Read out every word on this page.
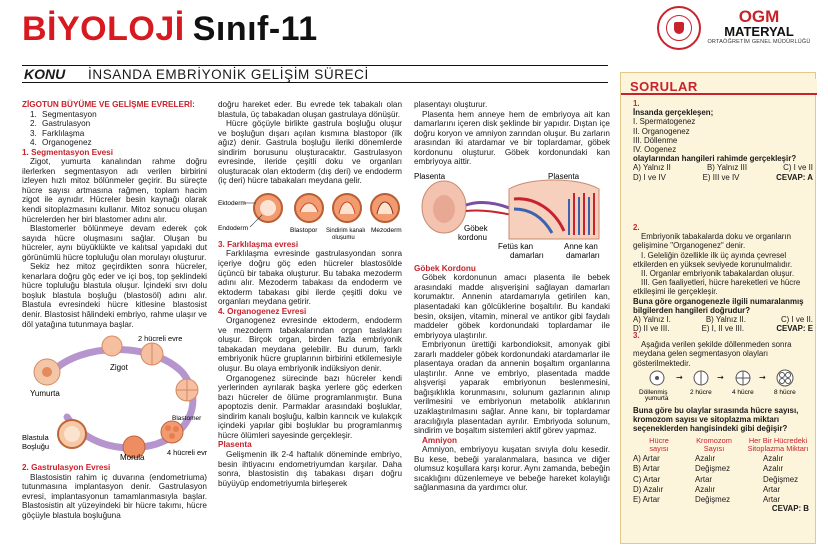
BİYOLOJİ Sınıf-11	OGM
MATERYAL
ORTAÖĞRETİM GENEL MÜDÜRLÜĞÜ
KONU İNSANDA EMBRİYONİK GELİŞİM SÜRECİ
ZİGOTUN BÜYÜME VE GELİŞME EVRELERİ:
1. Segmentasyon
2. Gastrulasyon
3. Farklılaşma
4. Organogenez
1. Segmentasyon Evesi

Zigot, yumurta kanalından rahme doğru ilerlerken segmentasyon adı verilen birbirini izleyen hızlı mitoz bölünmeler geçirir. Bu süreçte hücre sayısı artmasına rağmen, toplam hacim zigot ile aynıdır. Hücreler besin kaynağı olarak kendi sitoplazmasını kullanır. Mitoz sonucu oluşan hücrelerden her biri blastomer adını alır.

Blastomerler bölünmeye devam ederek çok sayıda hücre oluşmasını sağlar. Oluşan bu hücreler, aynı büyüklükte ve kalıtsal yapıdaki dut görünümlü hücre topluluğu olan morulayı oluşturur.

Sekiz hez mitoz geçirdikten sonra hücreler, kenarlara doğru göç eder ve içi boş, top şeklindeki hücre topluluğu blastula oluşur. İçindeki sıvı dolu boşluk blastula boşluğu (blastosöl) adını alır. Blastula evresindeki hücre kitlesine blastosist denir. Blastosist hâlindeki embriyo, rahme ulaşır ve döl yatağına tutunmaya başlar.

2 hücreli evre
Zigot
Yumurta
Blastomer
4 hücreli evre
Blastula Boşluğu
Morula
2. Gastrulasyon Evresi

Blastosistin rahim iç duvarına (endometriuma) tutunmasına implantasyon denir. Gastrulasyon evresi, implantasyonun tamamlanmasıyla başlar. Blastosistin alt yüzeyindeki bir hücre takımı, hücre göçüyle blastula boşluğuna

doğru hareket eder. Bu evrede tek tabakalı olan blastula, üç tabakadan oluşan gastrulaya dönüşür.

Hücre göçüyle birlikte gastrula boşluğu oluşur ve boşluğun dışarı açılan kısmına blastopor (ilk ağız) denir. Gastrula boşluğu ileriki dönemlerde sindirim borusunu oluşturacaktır. Gastrulasyon evresinde, ileride çeşitli doku ve organları oluşturacak olan ektoderm (dış deri) ve endoderm (iç deri) hücre tabakaları meydana gelir.

Ektoderm
Endoderm	Blastopor Sindirim kanalı oluşumu
Mezoderm
3. Farklılaşma evresi

Farklılaşma evresinde gastrulasyondan sonra içeriye doğru göç eden hücreler blastosölde üçüncü bir tabaka oluşturur. Bu tabaka mezoderm adını alır. Mezoderm tabakası da endoderm ve ektoderm tabakası gibi ilerde çeşitli doku ve organları meydana getirir.

4. Organogenez Evresi

Organogenez evresinde ektoderm, endoderm ve mezoderm tabakalarından organ taslakları oluşur. Birçok organ, birden fazla embriyonik tabakadan meydana gelebilir. Bu durum, farklı embriyonik hücre gruplarının birbirini etkilemesiyle oluşur. Bu olaya embriyonik indüksiyon denir.

Organogenez sürecinde bazı hücreler kendi yerlerinden ayrılarak başka yerlere göç ederken bazı hücreler de ölüme programlanmıştır. Buna apoptozis denir. Parmaklar arasındaki boşluklar, sindirim kanalı boşluğu, kalbin karıncık ve kulakçık içindeki yapılar gibi boşluklar bu programlanmış hücre ölümleri sayesinde gerçekleşir.

Plasenta

Gelişmenin ilk 2-4 haftalık döneminde embriyo, besin ihtiyacını endometriyumdan karşılar. Daha sonra, blastosistin dış tabakası dışarı doğru büyüyüp endometriyumla birleşerek

plasentayı oluşturur.

Plasenta hem anneye hem de embriyoya ait kan damarlarını içeren disk şeklinde bir yapıdır. Dıştan içe doğru koryon ve amniyon zarından oluşur. Bu zarların arasından iki atardamar ve bir toplardamar, göbek kordonunu oluşturur. Göbek kordonundaki kan embriyoya aittir.

Plasenta	Plasenta
Göbek kordonu
Fetüs kan damarları
Anne kan damarları
Göbek Kordonu

Göbek kordonunun amacı plasenta ile bebek arasındaki madde alışverişini sağlayan damarları korumaktır. Annenin atardamarıyla getirilen kan, plasentadaki kan gölcüklerine boşaltılır. Bu kandaki besin, oksijen, vitamin, mineral ve antikor gibi faydalı maddeler göbek kordonundaki toplardamar ile embriyoya ulaştırılır.

Embriyonun ürettiği karbondioksit, amonyak gibi zararlı maddeler göbek kordonundaki atardamarlar ile plasentaya oradan da annenin boşaltım organlarına ulaştırılır. Anne ve embriyo, plasentada madde alışverişi yaparak embriyonun beslenmesini, bağışıklıkla korunmasını, solunum gazlarının alınıp verilmesini ve embriyonun metabolik atıklarının uzaklaştırılmasını sağlar. Anne kanı, bir toplardamar aracılığıyla plasentadan ayrılır. Embriyoda solunum, sindirim ve boşaltım sistemleri aktif görev yapmaz.

Amniyon

Amniyon, embriyoyu kuşatan sıvıyla dolu kesedir. Bu kese, bebeği yaralanmalara, basınca ve diğer olumsuz koşullara karşı korur. Aynı zamanda, bebeğin sıcaklığını düzenlemeye ve bebeğe hareket kolaylığı sağlanmasına da yardımcı olur.

SORULAR
1.
İnsanda gerçekleşen;
I. Spermatogenez
II. Organogenez
III. Döllenme
IV. Oogenez
olaylarından hangileri rahimde gerçekleşir?
A) Yalnız II	B) Yalnız III	C) I ve II
D) I ve IV	E) III ve IV	CEVAP: A
2.
Embriyonik tabakalarda doku ve organların gelişimine "Organogenez" denir.
I. Geleliğin özellikle ilk üç ayında çevresel etkilerden en yüksek seviyede korunulmalıdır.
II. Organlar embriyonik tabakalardan oluşur.
III. Gen faaliyetleri, hücre hareketleri ve hücre etkileşimi ile gerçekleşir.
Buna göre organogenezle ilgili numaralanmış bilgilerden hangileri doğrudur?
A) Yalnız I.	B) Yalnız II.	C) I ve II.
D) II ve III.	E) I, II ve III.	CEVAP: E
3.
Aşağıda verilen şekilde döllenmeden sonra meydana gelen segmentasyon olayları gösterilmektedir.
→	→	→
Döllenmiş yumurta
2 hücre	4 hücre	8 hücre
Buna göre bu olaylar sırasında hücre sayısı, kromozom sayısı ve sitoplazma miktarı seçeneklerden hangisindeki gibi değişir?
Hücre
sayısı
Kromozom
Sayısı
Her Bir Hücredeki
Sitoplazma Miktarı
A) Artar	Azalır	Azalır
B) Artar	Değişmez	Azalır
C) Artar	Artar	Değişmez
D) Azalır	Azalır	Artar
E) Artar	Değişmez	Artar
CEVAP: B
